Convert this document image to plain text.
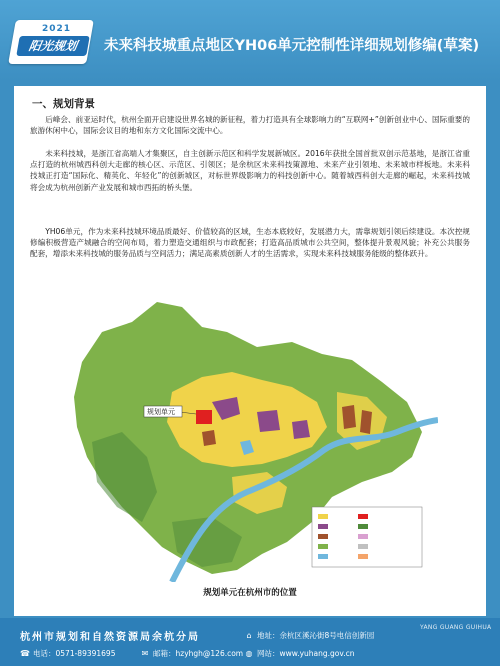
2021
阳光规划	未来科技城重点地区YH06单元控制性详细规划修编(草案)
一、规划背景
后峰会、前亚运时代，杭州全面开启建设世界名城的新征程，着力打造具有全球影响力的“互联网+”创新创业中心、国际重要的旅游休闲中心，国际会议目的地和东方文化国际交流中心。
未来科技城，是浙江省高端人才集聚区，自主创新示范区和科学发展新城区。2016年获批全国首批双创示范基地，是浙江省重点打造的杭州城西科创大走廊的核心区、示范区、引领区；是余杭区未来科技策源地、未来产业引领地、未来城市样板地。未来科技城正打造“国际化、精英化、年轻化”的创新城区，对标世界级影响力的科技创新中心。随着城西科创大走廊的崛起，未来科技城将会成为杭州创新产业发展和城市西拓的桥头堡。
YH06单元，作为未来科技城环境品质最好、价值较高的区域，生态本底较好，发展潜力大，需靠规划引领后续建设。本次控规修编积极营造产城融合的空间布局，着力塑造交通组织与市政配套；打造高品质城市公共空间，整体提升景观风貌；补充公共服务配套，增添未来科技城的服务品质与空间活力；满足高素质创新人才的生活需求，实现未来科技城服务能级的整体跃升。
规划单元
规划单元在杭州市的位置
杭州市规划和自然资源局余杭分局	⌂ 地址：余杭区溪沁街8号电信创新园
YANG GUANG GUIHUA
☎ 电话：0571-89391695	✉ 邮箱：hzyhgh@126.com ◍ 网站：www.yuhang.gov.cn
